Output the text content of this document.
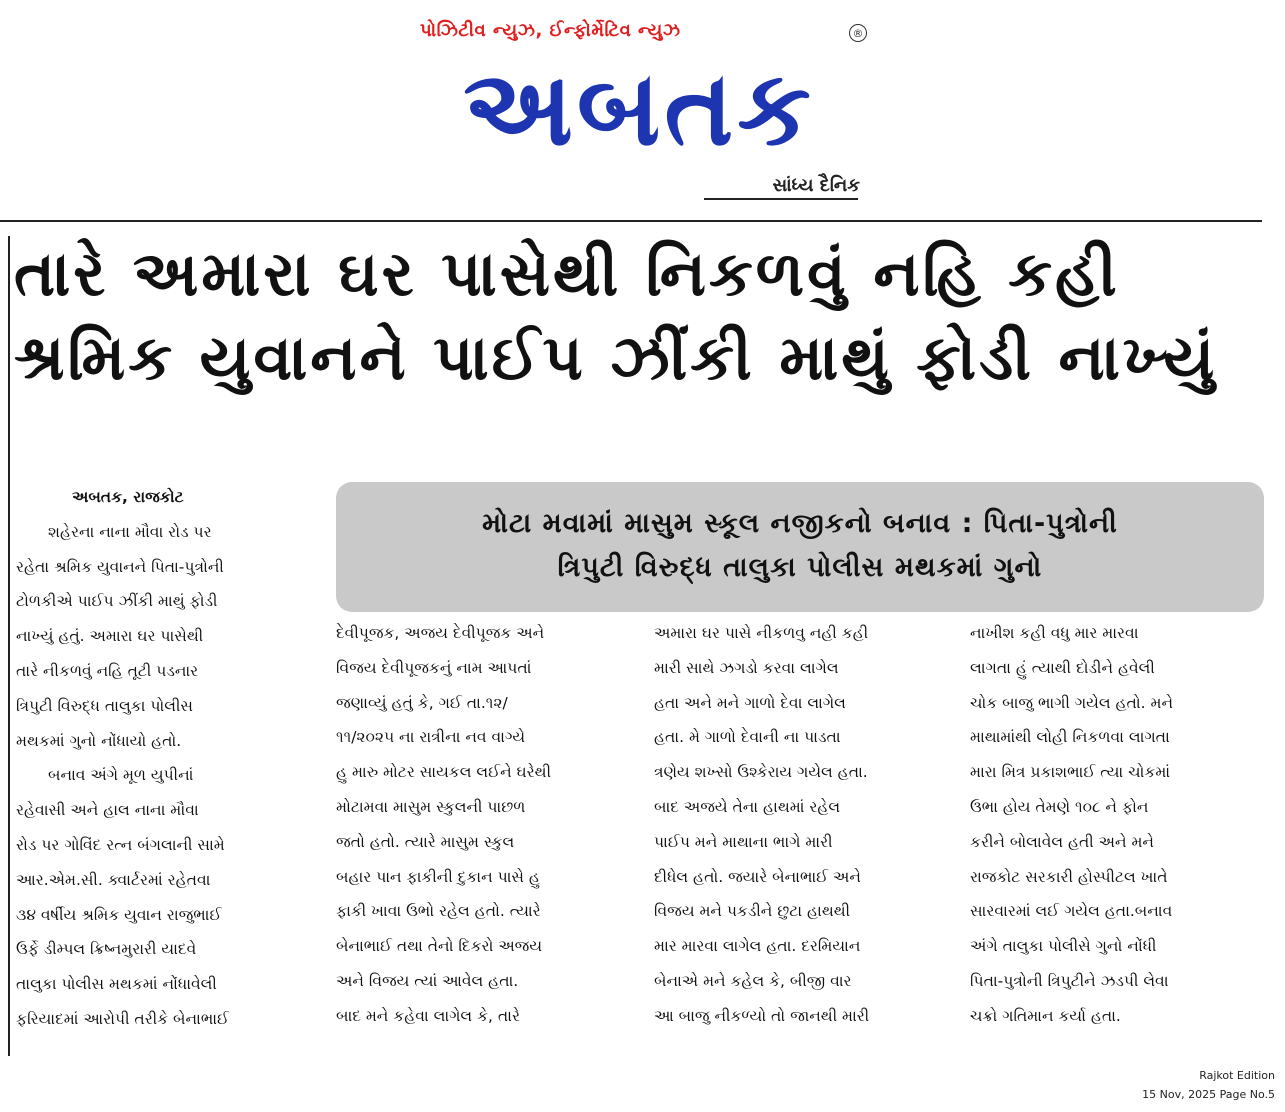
પોઝિટીવ ન્યુઝ, ઈન્ફોર્મેટિવ ન્યુઝ
અબતક
®
સાંધ્ય દૈનિક
તારે અમારા ઘર પાસેથી નિકળવું નહિ કહી
શ્રમિક યુવાનને પાઈપ ઝીંકી માથું ફોડી નાખ્યું
મોટા મવામાં માસુમ સ્કૂલ નજીકનો બનાવ : પિતા-પુત્રોની
ત્રિપુટી વિરુદ્ધ તાલુકા પોલીસ મથકમાં ગુનો
અબતક, રાજકોટ
શહેરના નાના મૌવા રોડ પર
રહેતા શ્રમિક યુવાનને પિતા-પુત્રોની
ટોળકીએ પાઈપ ઝીંકી માથું ફોડી
નાખ્યું હતું. અમારા ઘર પાસેથી
તારે નીકળવું નહિ તૂટી પડનાર
ત્રિપુટી વિરુદ્ધ તાલુકા પોલીસ
મથકમાં ગુનો નોંધાયો હતો.
બનાવ અંગે મૂળ યુપીનાં
રહેવાસી અને હાલ નાના મૌવા
રોડ પર ગોવિંદ રત્ન બંગલાની સામે
આર.એમ.સી. ક્વાર્ટરમાં રહેતવા
૩૪ વર્ષીય શ્રમિક યુવાન રાજુભાઈ
ઉર્ફે ડીમ્પલ ક્રિષ્નમુરારી યાદવે
તાલુકા પોલીસ મથકમાં નોંધાવેલી
ફરિયાદમાં આરોપી તરીકે બેનાભાઈ
દેવીપૂજક, અજય દેવીપૂજક અને
વિજય દેવીપૂજકનું નામ આપતાં
જણાવ્યું હતું કે, ગઈ તા.૧૨/
૧૧/૨૦૨૫ ના રાત્રીના નવ વાગ્યે
હુ મારુ મોટર સાયકલ લઈને ઘરેથી
મોટામવા માસુમ સ્કુલની પાછળ
જતો હતો. ત્યારે માસુમ સ્કુલ
બહાર પાન ફાકીની દુકાન પાસે હુ
ફાકી ખાવા ઉભો રહેલ હતો. ત્યારે
બેનાભાઈ તથા તેનો દિકરો અજય
અને વિજય ત્યાં આવેલ હતા.
બાદ મને કહેવા લાગેલ કે, તારે
અમારા ઘર પાસે નીકળવુ નહી કહી
મારી સાથે ઝગડો કરવા લાગેલ
હતા અને મને ગાળો દેવા લાગેલ
હતા. મે ગાળો દેવાની ના પાડતા
ત્રણેય શખ્સો ઉશ્કેરાય ગયેલ હતા.
બાદ અજયે તેના હાથમાં રહેલ
પાઈપ મને માથાના ભાગે મારી
દીધેલ હતો. જયારે બેનાભાઈ અને
વિજય મને પકડીને છુટા હાથથી
માર મારવા લાગેલ હતા. દરમિયાન
બેનાએ મને કહેલ કે, બીજી વાર
આ બાજુ નીકળ્યો તો જાનથી મારી
નાખીશ કહી વધુ માર મારવા
લાગતા હું ત્યાથી દોડીને હવેલી
ચોક બાજુ ભાગી ગયેલ હતો. મને
માથામાંથી લોહી નિકળવા લાગતા
મારા મિત્ર પ્રકાશભાઈ ત્યા ચોકમાં
ઉભા હોય તેમણે ૧૦૮ ને ફોન
કરીને બોલાવેલ હતી અને મને
રાજકોટ સરકારી હોસ્પીટલ ખાતે
સારવારમાં લઈ ગયેલ હતા.બનાવ
અંગે તાલુકા પોલીસે ગુનો નોંધી
પિતા-પુત્રોની ત્રિપુટીને ઝડપી લેવા
ચક્રો ગતિમાન કર્યા હતા.
Rajkot Edition
15 Nov, 2025 Page No.5
